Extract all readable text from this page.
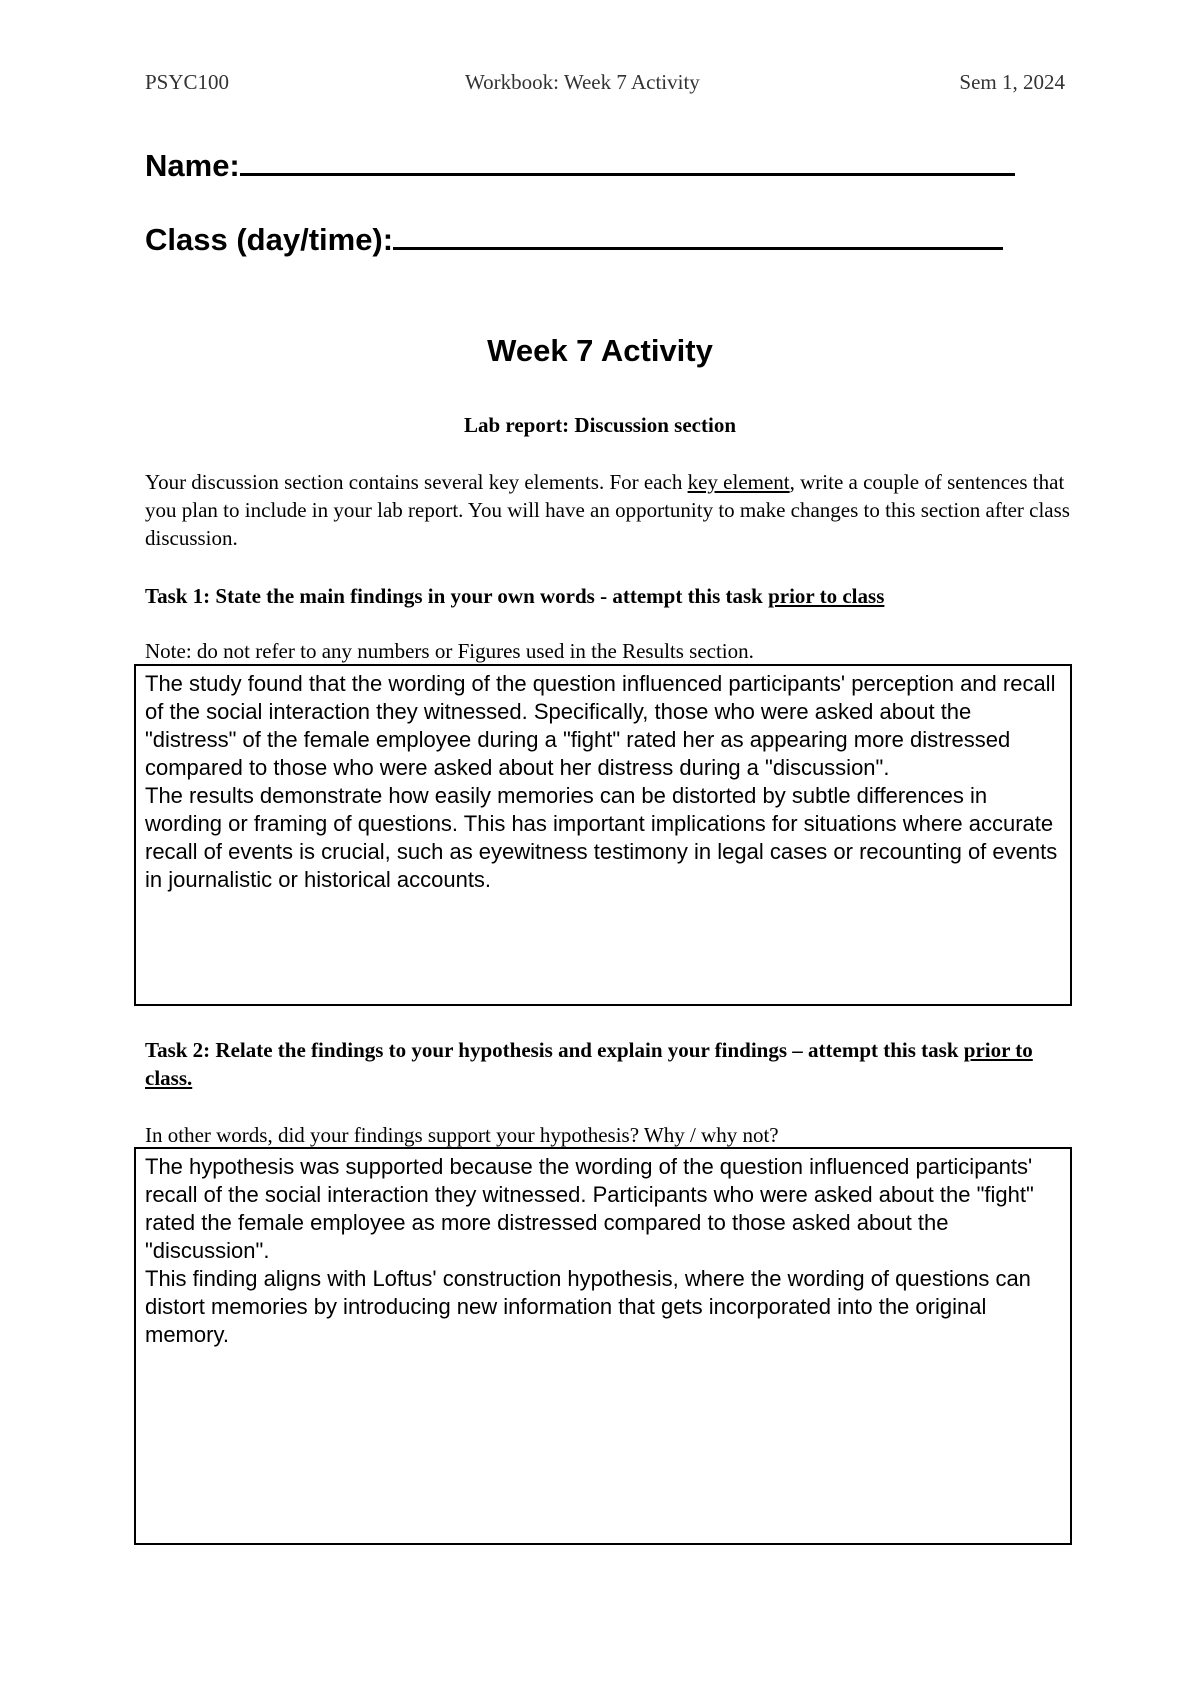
PSYC100	Workbook: Week 7 Activity	Sem 1, 2024
Name:
Class (day/time):
Week 7 Activity
Lab report: Discussion section
Your discussion section contains several key elements. For each key element, write a couple of sentences that you plan to include in your lab report. You will have an opportunity to make changes to this section after class discussion.
Task 1: State the main findings in your own words - attempt this task prior to class
Note: do not refer to any numbers or Figures used in the Results section.

The study found that the wording of the question influenced participants' perception and recall of the social interaction they witnessed. Specifically, those who were asked about the "distress" of the female employee during a "fight" rated her as appearing more distressed compared to those who were asked about her distress during a "discussion".

The results demonstrate how easily memories can be distorted by subtle differences in wording or framing of questions. This has important implications for situations where accurate recall of events is crucial, such as eyewitness testimony in legal cases or recounting of events in journalistic or historical accounts.

Task 2: Relate the findings to your hypothesis and explain your findings – attempt this task prior to class.
In other words, did your findings support your hypothesis? Why / why not?

The hypothesis was supported because the wording of the question influenced participants' recall of the social interaction they witnessed. Participants who were asked about the "fight" rated the female employee as more distressed compared to those asked about the "discussion".

This finding aligns with Loftus' construction hypothesis, where the wording of questions can distort memories by introducing new information that gets incorporated into the original memory.
